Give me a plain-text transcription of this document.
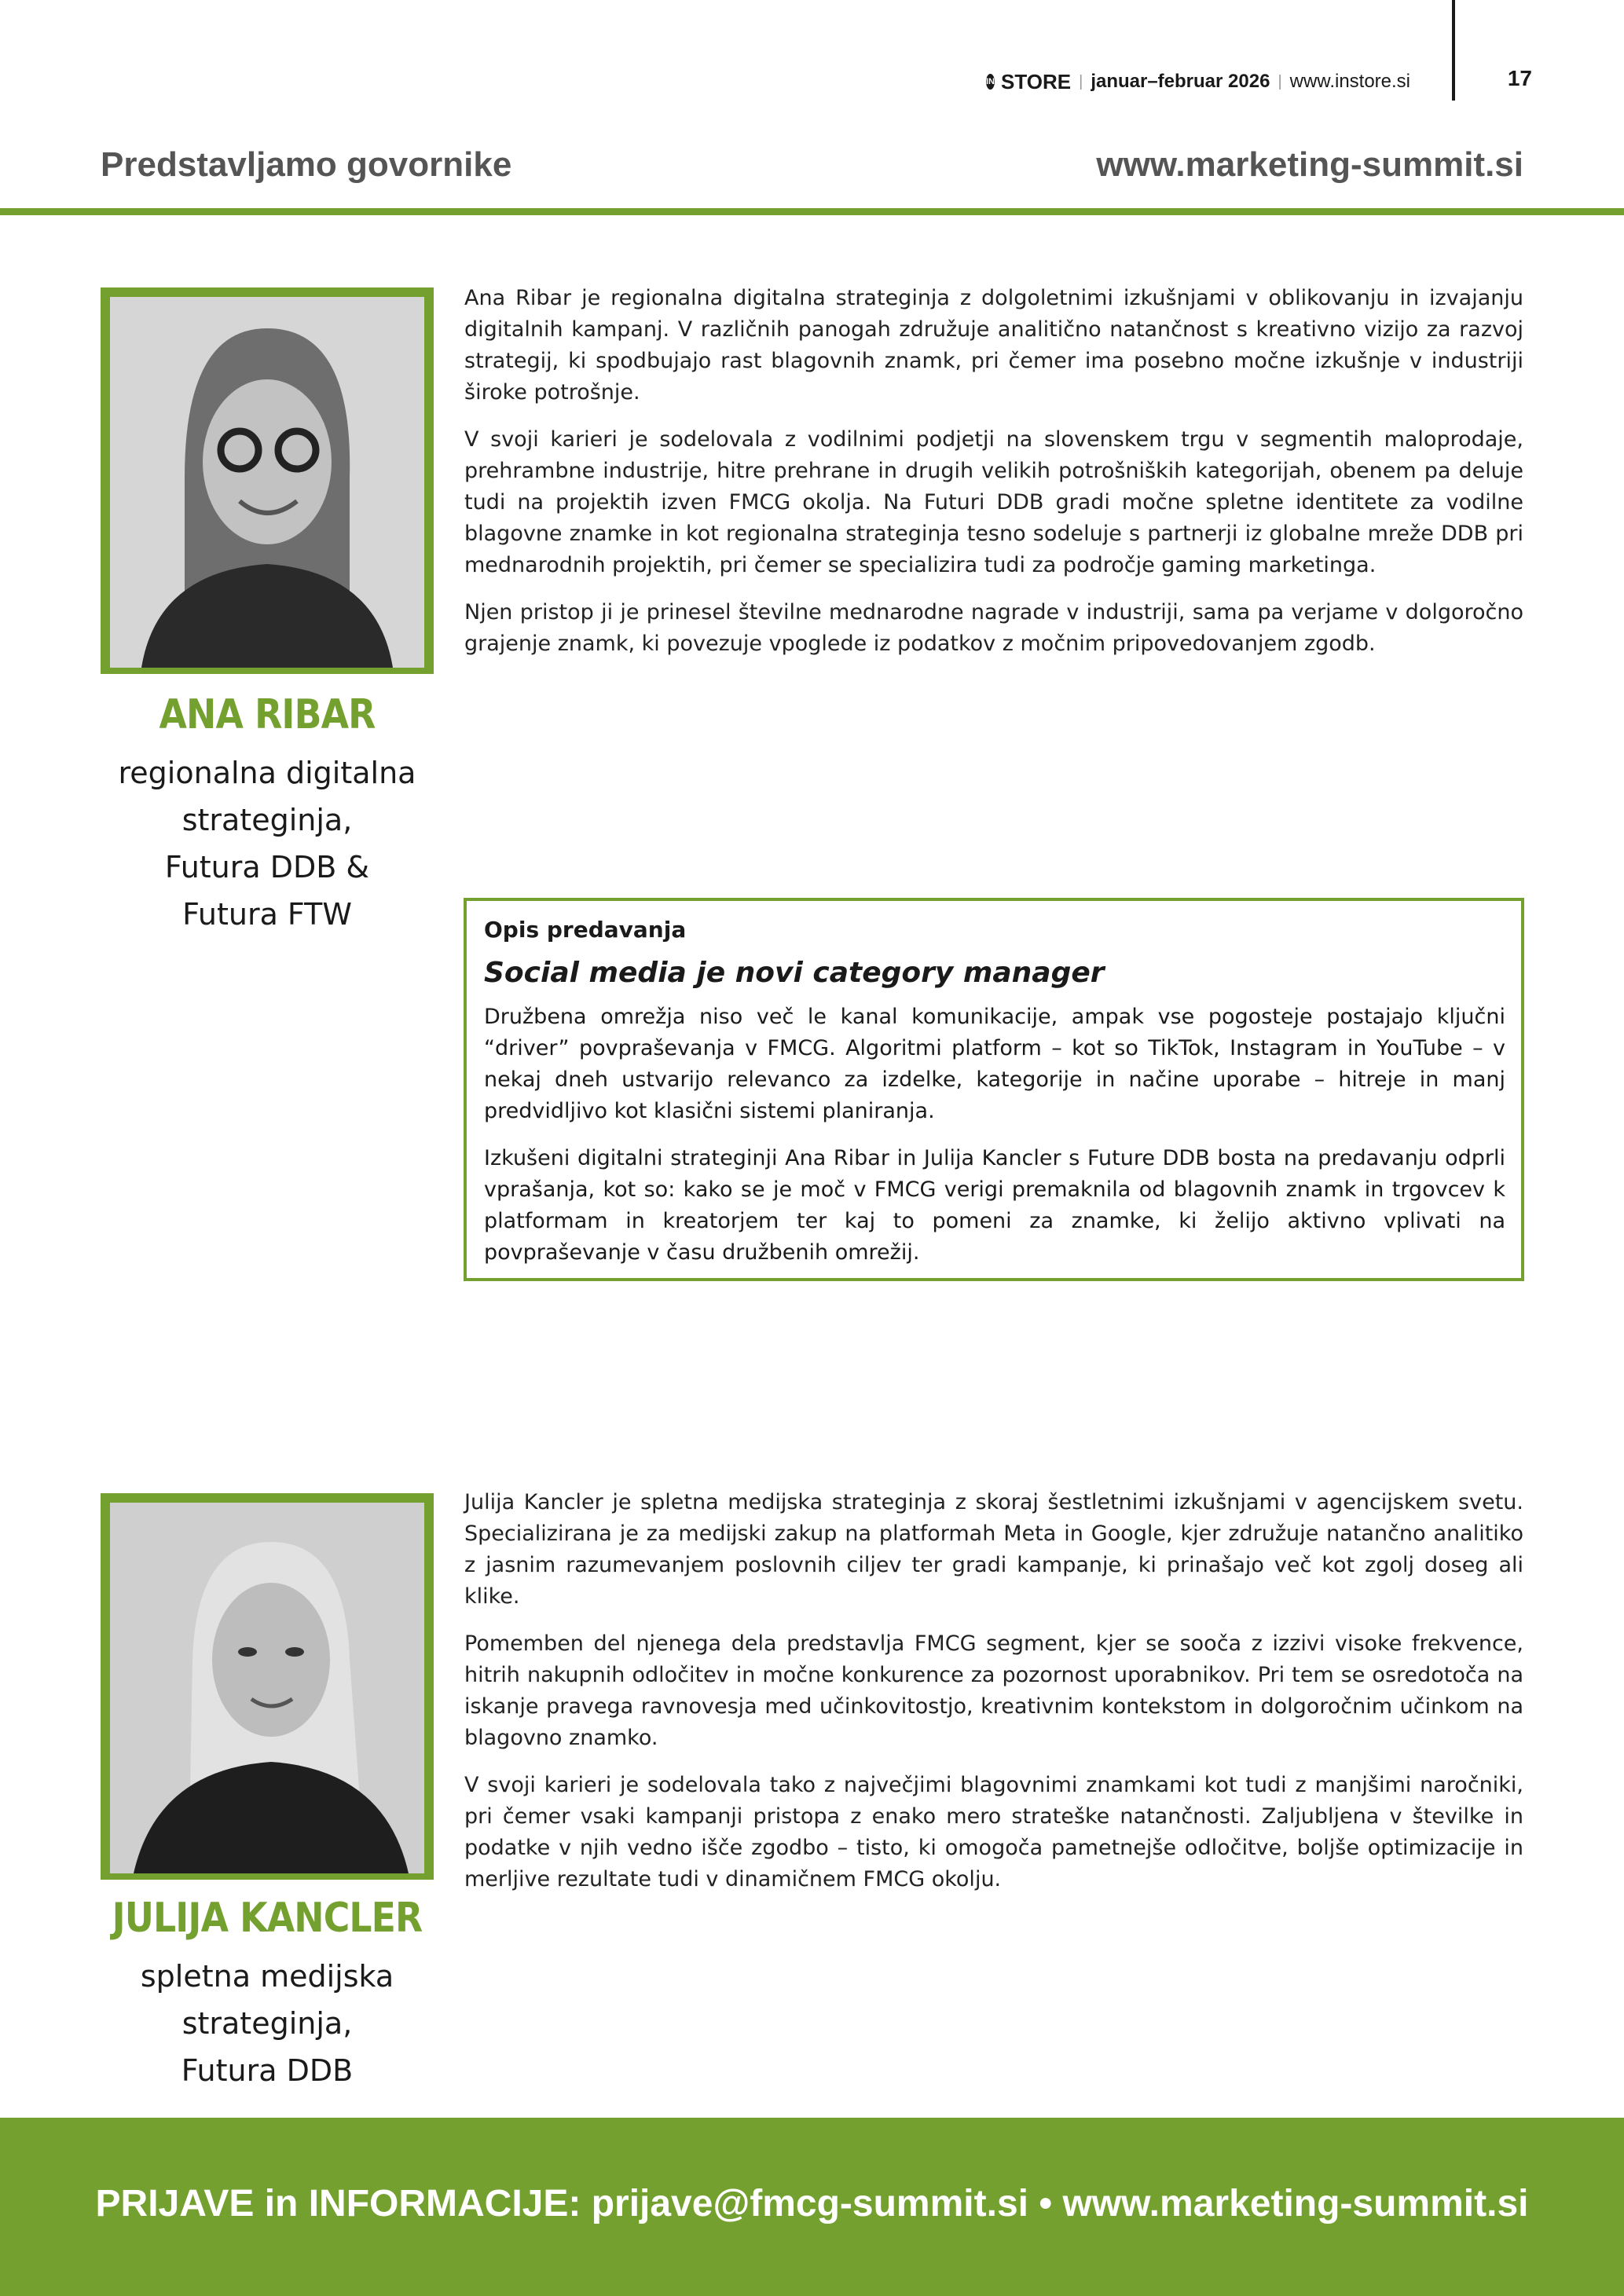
IN STORE | januar–februar 2026 | www.instore.si	17
Predstavljamo govornike	www.marketing-summit.si
ANA RIBAR
regionalna digitalna
strateginja,
Futura DDB &
Futura FTW

Ana Ribar je regionalna digitalna strateginja z dolgoletnimi izkušnjami v oblikovanju in izvajanju digitalnih kampanj. V različnih panogah združuje analitično natančnost s kreativno vizijo za razvoj strategij, ki spodbujajo rast blagovnih znamk, pri čemer ima posebno močne izkušnje v industriji široke potrošnje.

V svoji karieri je sodelovala z vodilnimi podjetji na slovenskem trgu v segmentih maloprodaje, prehrambne industrije, hitre prehrane in drugih velikih potrošniških kategorijah, obenem pa deluje tudi na projektih izven FMCG okolja. Na Futuri DDB gradi močne spletne identitete za vodilne blagovne znamke in kot regionalna strateginja tesno sodeluje s partnerji iz globalne mreže DDB pri mednarodnih projektih, pri čemer se specializira tudi za področje gaming marketinga.

Njen pristop ji je prinesel številne mednarodne nagrade v industriji, sama pa verjame v dolgoročno grajenje znamk, ki povezuje vpoglede iz podatkov z močnim pripovedovanjem zgodb.

Opis predavanja
Social media je novi category manager

Družbena omrežja niso več le kanal komunikacije, ampak vse pogosteje postajajo ključni “driver” povpraševanja v FMCG. Algoritmi platform – kot so TikTok, Instagram in YouTube – v nekaj dneh ustvarijo relevanco za izdelke, kategorije in načine uporabe – hitreje in manj predvidljivo kot klasični sistemi planiranja.

Izkušeni digitalni strateginji Ana Ribar in Julija Kancler s Future DDB bosta na predavanju odprli vprašanja, kot so: kako se je moč v FMCG verigi premaknila od blagovnih znamk in trgovcev k platformam in kreatorjem ter kaj to pomeni za znamke, ki želijo aktivno vplivati na povpraševanje v času družbenih omrežij.

JULIJA KANCLER
spletna medijska
strateginja,
Futura DDB

Julija Kancler je spletna medijska strateginja z skoraj šestletnimi izkušnjami v agencijskem svetu. Specializirana je za medijski zakup na platformah Meta in Google, kjer združuje natančno analitiko z jasnim razumevanjem poslovnih ciljev ter gradi kampanje, ki prinašajo več kot zgolj doseg ali klike.

Pomemben del njenega dela predstavlja FMCG segment, kjer se sooča z izzivi visoke frekvence, hitrih nakupnih odločitev in močne konkurence za pozornost uporabnikov. Pri tem se osredotoča na iskanje pravega ravnovesja med učinkovitostjo, kreativnim kontekstom in dolgoročnim učinkom na blagovno znamko.

V svoji karieri je sodelovala tako z največjimi blagovnimi znamkami kot tudi z manjšimi naročniki, pri čemer vsaki kampanji pristopa z enako mero strateške natančnosti. Zaljubljena v številke in podatke v njih vedno išče zgodbo – tisto, ki omogoča pametnejše odločitve, boljše optimizacije in merljive rezultate tudi v dinamičnem FMCG okolju.

PRIJAVE in INFORMACIJE: prijave@fmcg-summit.si • www.marketing-summit.si
